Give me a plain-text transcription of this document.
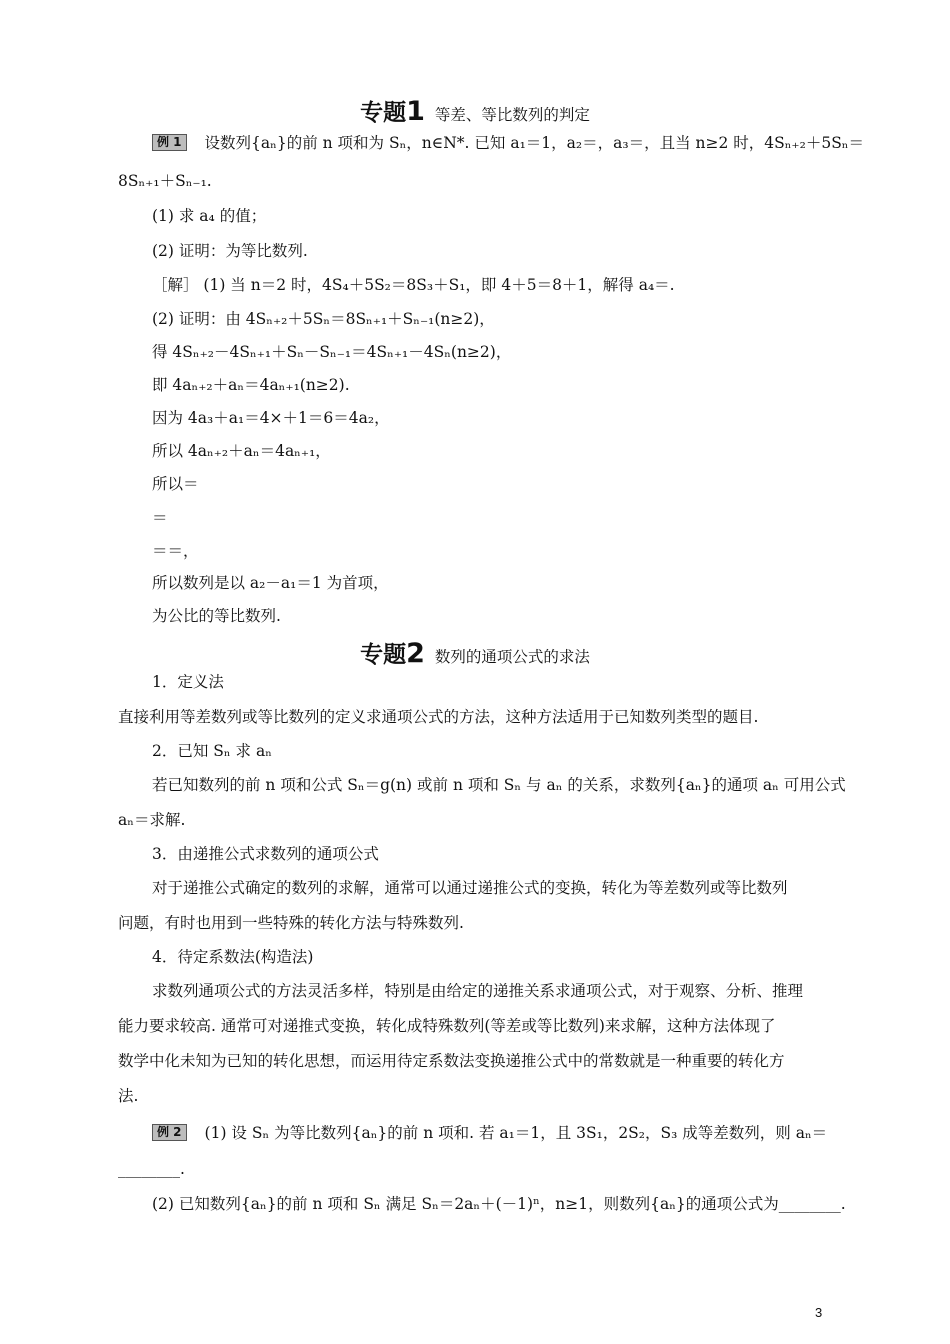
专题1 等差、等比数列的判定
例 1 设数列{aₙ}的前 n 项和为 Sₙ，n∈N*. 已知 a₁＝1，a₂＝，a₃＝，且当 n≥2 时，4Sₙ₊₂＋5Sₙ＝
8Sₙ₊₁＋Sₙ₋₁.
(1) 求 a₄ 的值；
(2) 证明：为等比数列.
［解］ (1) 当 n＝2 时，4S₄＋5S₂＝8S₃＋S₁，即 4＋5＝8＋1，解得 a₄＝.
(2) 证明：由 4Sₙ₊₂＋5Sₙ＝8Sₙ₊₁＋Sₙ₋₁(n≥2)，
得 4Sₙ₊₂－4Sₙ₊₁＋Sₙ－Sₙ₋₁＝4Sₙ₊₁－4Sₙ(n≥2)，
即 4aₙ₊₂＋aₙ＝4aₙ₊₁(n≥2).
因为 4a₃＋a₁＝4×＋1＝6＝4a₂，
所以 4aₙ₊₂＋aₙ＝4aₙ₊₁，
所以＝
＝
＝＝，
所以数列是以 a₂－a₁＝1 为首项，
为公比的等比数列.
专题2 数列的通项公式的求法
1．定义法
直接利用等差数列或等比数列的定义求通项公式的方法，这种方法适用于已知数列类型的题目.
2．已知 Sₙ 求 aₙ
若已知数列的前 n 项和公式 Sₙ＝g(n) 或前 n 项和 Sₙ 与 aₙ 的关系，求数列{aₙ}的通项 aₙ 可用公式
aₙ＝求解.
3．由递推公式求数列的通项公式
对于递推公式确定的数列的求解，通常可以通过递推公式的变换，转化为等差数列或等比数列
问题，有时也用到一些特殊的转化方法与特殊数列.
4．待定系数法(构造法)
求数列通项公式的方法灵活多样，特别是由给定的递推关系求通项公式，对于观察、分析、推理
能力要求较高. 通常可对递推式变换，转化成特殊数列(等差或等比数列)来求解，这种方法体现了
数学中化未知为已知的转化思想，而运用待定系数法变换递推公式中的常数就是一种重要的转化方
法.
例 2 (1) 设 Sₙ 为等比数列{aₙ}的前 n 项和. 若 a₁＝1，且 3S₁，2S₂，S₃ 成等差数列，则 aₙ＝
________.
(2) 已知数列{aₙ}的前 n 项和 Sₙ 满足 Sₙ＝2aₙ＋(－1)ⁿ，n≥1，则数列{aₙ}的通项公式为________.
3
